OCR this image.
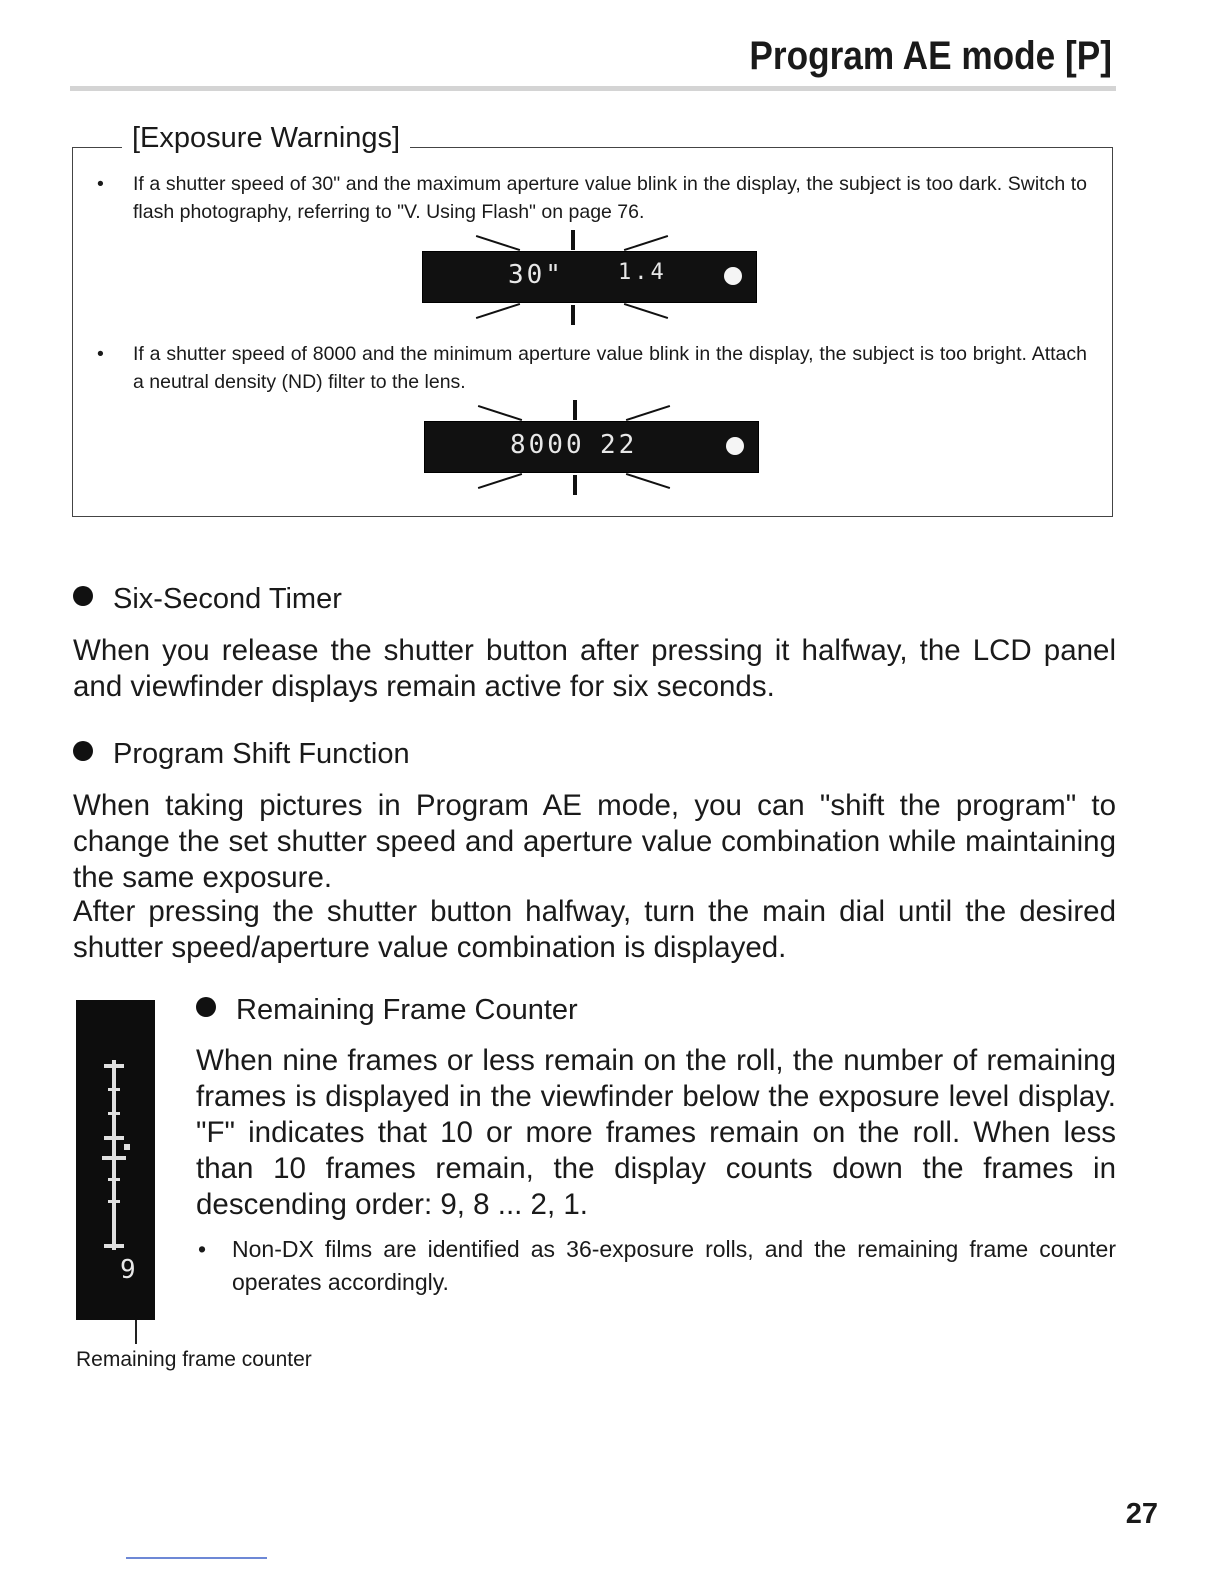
Program AE mode [P]
[Exposure Warnings]
• If a shutter speed of 30" and the maximum aperture value blink in the display, the subject is too dark. Switch to flash photography, referring to "V. Using Flash" on page 76.
30" 1.4
• If a shutter speed of 8000 and the minimum aperture value blink in the display, the subject is too bright. Attach a neutral density (ND) filter to the lens.
8000 22
Six-Second Timer
When you release the shutter button after pressing it halfway, the LCD panel and viewfinder displays remain active for six seconds.
Program Shift Function
When taking pictures in Program AE mode, you can "shift the program" to change the set shutter speed and aperture value combination while maintaining the same exposure.
After pressing the shutter button halfway, turn the main dial until the desired shutter speed/aperture value combination is displayed.
9
Remaining frame counter
Remaining Frame Counter
When nine frames or less remain on the roll, the number of remaining frames is displayed in the viewfinder below the exposure level display. "F" indicates that 10 or more frames remain on the roll. When less than 10 frames remain, the display counts down the frames in descending order: 9, 8 ... 2, 1.
• Non-DX films are identified as 36-exposure rolls, and the remaining frame counter operates accordingly.
27
